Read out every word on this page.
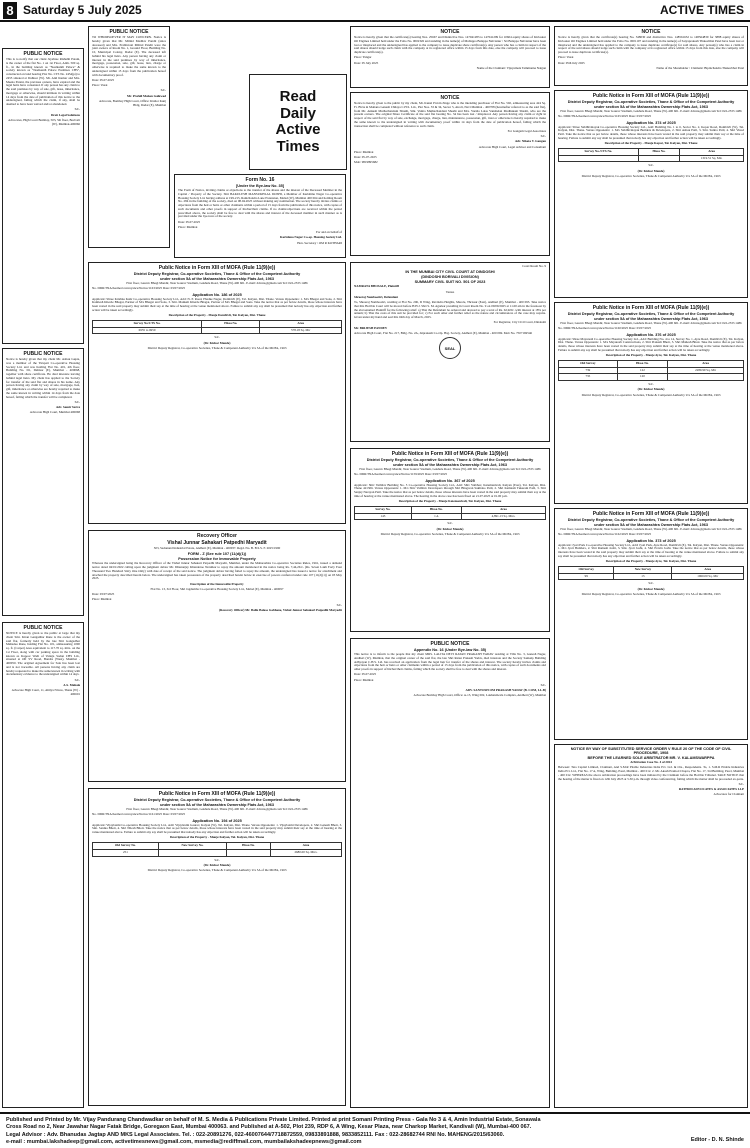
8 Saturday 5 July 2025	ACTIVE TIMES
PUBLIC NOTICE

This is to notify that our client Jayshree Rishabh Patani, is the owner of the flat No. 1 on 1st Floor, Adm. 500 sq. ft., in the building known as "Neelkanth Palace" & society known as "Neelkanth Palace Premises CHS", constructed on land bearing Plot No. CTS No. 2454(pt) to 2455 situated at Dahisar (W). Mr. Anil Kumar and Mrs. Meena Patani, the previous owners, have expired and the legal heirs have consented. If any person has any claim to the said premises by way of sale, gift, lease, inheritance, mortgage or otherwise, should intimate in writing within 14 days from the date of publication of this notice to the undersigned, failing which the claim, if any, shall be deemed to have been waived and/or abandoned.

Sd/-

Droit Legal Solutions

Advocates, High Court Bombay, 503, 5th floor, Borivali (W), Mumbai-400066

PUBLIC NOTICE

Notice is hereby given that my client Mr. Ashok Gupta, was a member of the Tirupati Co-operative Housing Society Ltd. and was holding Flat No. 401, 4th floor, Building No. D1, Dahisar (E), Mumbai - 400068, together with share certificate. He died intestate leaving behind legal heirs. My client has applied to the Society for transfer of the said flat and shares in his name. Any person having any claim by way of sale, mortgage, lien, gift, inheritance or otherwise are hereby required to make the same known in writing within 14 days from the date hereof, failing which the transfer will be completed.

Sd/-

Adv. Samir Surve

Advocate High Court, Mumbai 400068

PUBLIC NOTICE

NOTICE is hereby given to the public at large that my client Smt. Kiran Gangadhar Rane is the owner of the said flat, formerly held by the late Shri Gangadhar Mahadeo Rane, holding Flat No. 101, admeasuring 1000 sq. ft. (Carpet) Area equivalent to 117.70 sq. mtrs. on the 1st Floor, along with car parking space in the building known as Kapoor Wadi of Vaiteja Sadan CHS Ltd., situated at Off SV Road, Bandra (West), Mumbai - 400050. The original Agreement for Sale has been lost and is not traceable. All persons having any claim are hereby requested to make the same known in writing with documentary evidence to the undersigned within 14 days.

Sd/-

A.S. Mahale

Advocate High Court, 11, Ahilya Niwas, Thane (W) - 400601

PUBLIC NOTICE

TO WHOMSOEVER IT MAY CONCERN. Notice is hereby given that Mr. Milind Madhav Pandit (since deceased) and Mrs. Prabhavati Milind Pandit were the joint owners of Room No. 1, Ground Floor, Building No. 10, Municipal Colony, Dadar (E). The deceased left behind his legal heirs. Any person having any claim or interest in the said premises by way of inheritance, mortgage, possession, sale, gift, lease, lien, charge or otherwise is required to make the same known to the undersigned within 15 days from the publication hereof with documentary proof.

Date: 05.07.2025

Place: Vasai

Sd/-

Mr. Prafull Mohan Gaikwad

Advocate, Bombay High Court, Office: Kishor Kunj Bldg, Dadar (E), Mumbai	Read
Daily
Active
Times
Form No. 16
[Under the Bye-law No. 35]

The Form of Notice, inviting claims or objections to the transfer of the shares and the interest of the Deceased Member in the Capital / Property of the Society. Shri BAKULESH MANSUKHLAL DOSHI, a Member of Karishma Nagar Co-operative Housing Society Ltd. having address at 199-215, Ramchandra Lane Extension, Malad (W), Mumbai 400 064 and holding Room No. 284 in the building of the society, died on 08.04.2025 without making any nomination. The society hereby invites claims or objections from the heir or heirs or other claimants within a period of 15 days from the publication of this notice, with copies of such documents and other proofs in support of his/her/their claims. If no claims/objections are received within the period prescribed above, the society shall be free to deal with the shares and interest of the deceased member in such manner as is provided under the bye-laws of the society.

Date: 05.07.2025

Place: Mumbai

For and on behalf of

Karishma Nagar Co-op. Housing Society Ltd.

Hon. Secretary / OM R KOTHARI

Public Notice in Form XIII of MOFA (Rule 11(9)(e))
District Deputy Registrar, Co-operative Societies, Thane & Office of the Competent Authority
under section 5A of the Maharashtra Ownership Flats Act, 1963

First floor, Gaurav Bhagi Mandir, Near Gaurav Stadium, Gokhale Road, Thane (W)-400 601. E-mail: ddr.tna@gmail.com Tel: 022-2533 1486

No. DDR/TNA/deemed conveyance/Notice/1163/2025 Date: 03/07/2025

Application No. 186 of 2025

Applicant: Shree Krishna Kutir Co-operative Housing Society Ltd., Add: N. P. Road, Phadke Nagar, Dombivli (E), Tal. Kalyan, Dist. Thane. Versus Opponents: 1. M/s Bhagat and Sons, 2. Shri Kamlesh Kherde Bhagat, Partner of M/s Bhagat and Sons, 3. Smt. Mankali Kherde Bhagat, Partner of M/s Bhagat and Sons. Take the notice that as per below details, those whose interests have been vested in the said property may submit their say at the time of hearing at the venue mentioned above. Failure to submit any say shall be presumed that nobody has any objection and further action will be taken accordingly.

Description of the Property - Mauje Dombivli, Tal. Kalyan, Dist. Thane

Survey No/CTS No.	Hissa No.	Area
6955 to 6959		578.18 Sq. Mtr

Sd/-

(Dr. Kishor Mande)

District Deputy Registrar, Co-operative Societies, Thane & Competent Authority U/s 5A of the MOFA, 1963

Recovery Officer
Vishal Junnar Sahakari Patpedhi Maryadit

503, Sadanand Industrial Estate, Andheri (E), Mumbai - 400037. Regd. No. B. B.S.S. F. 2025/1990

FORM - Z (See rule 107 (11(d)(1))
Possession Notice for Immovable Property

Whereas the undersigned being the Recovery Officer of the Vishal Junnar Sahakari Patpedhi Maryadit, Mumbai, under the Maharashtra Co-operative Societies Rules, 1961, issued a demand notice dated 04/01/2022 calling upon the judgment debtor Mr. Dhananjay Khanderao Nerulkar to repay the amount mentioned in the notice being Rs. 7,44,261/- (Rs. Seven Lakh Forty Four Thousand Two Hundred Sixty One Only) with date of receipt of the said notice. The judgment debtor having failed to repay the amount, the undersigned has issued a notice for attachment and attached the property described herein below. The undersigned has taken possession of the property described herein below in exercise of powers conferred under rule 107 (11(d)(1)) on 03 May 2025.

Description of the Immovable Property

Flat No. 13, 3rd Floor, Shri Jagdamba Co-operative Housing Society Ltd., Malad (E), Mumbai - 400097

Date: 03/07/2025

Place: Mumbai

Sd/-

(Recovery Officer) Mr. Ballu Balaso Gabhane, Vishal Junnar Sahakari Patpedhi Maryadit

Public Notice in Form XIII of MOFA (Rule 11(9)(e))
District Deputy Registrar, Co-operative Societies, Thane & Office of the Competent Authority
under section 5A of the Maharashtra Ownership Flats Act, 1963

First floor, Gaurav Bhagi Mandir, Near Gaurav Stadium, Gokhale Road, Thane (W)-400 601. E-mail: ddr.tna@gmail.com Tel: 022-2533 1486

No. DDR/TNA/deemed conveyance/Notice/1161/2025 Date: 03/07/2025

Application No. 194 of 2025

Applicant: Vijaylaxmi Co-operative Housing Society Ltd., Add: Vijaylaxmi Gaurav, Kalyan (W), Tal. Kalyan, Dist. Thane. Versus Opponents: 1. Vijaylaxmi Developers, 2. Shri Ganesh Bhoir, 3. Smt. Sanika Bhoir, 4. Shri Nilesh Bhoir. Take the notice that as per below details, those whose interests have been vested in the said property may submit their say at the time of hearing at the venue mentioned above. Failure to submit any say shall be presumed that nobody has any objection and further action will be taken accordingly.

Description of the Property - Mauje Kalyan, Tal. Kalyan, Dist. Thane

Old Survey No.	New Survey No.	Hissa No.	Area
251			2680.00 Sq. Mtrs.

Sd/-

(Dr. Kishor Mande)

District Deputy Registrar, Co-operative Societies, Thane & Competent Authority U/s 5A of the MOFA, 1963

NOTICE

Notice is hereby given that the certificate(s) bearing Nos. 25667 and Distinctive Nos. 147041283 to 147041299 for 10604 equity shares of Kirloskar Oil Engines Limited held under the Folio No. 0002326 and standing in the name(s) of Mallappa Balappa Nalvtanur / Sri Balappa Nalvtanur have been lost or misplaced and the undersigned has applied to the company to issue duplicate share certificate(s). Any person who has a claim in respect of the said shares should lodge such claim with the company at its registered office within 15 days from this date, else the company will proceed to issue duplicate certificate(s).

Place: Yangar

Date: 05 July 2025

Name of the Claimant: Vijayamala Tammanna Nalgan

NOTICE

Notice is hereby given to the public by my client, Mr. Kunal Pravin Zinge who is the intending purchaser of Flat No. 502, admeasuring area 424 Sq. Ft. BUA in Mohana Ganesh Chhaya C.H.S. Ltd., Plot Nos. 33 & 34, Sector 5, Airoli, Navi Mumbai - 400708 (hereinafter referred to as the said flat), from Mr. Ankush Muthachandani Shashi, Smt. Vanita Muthachandani Shashi and Mrs. Varsha Lalas Vanshelan Madhukant Shashi, who are the present owners. The original Share Certificate of the said flat bearing No. 34 has been lost / misplaced. Any person having any claim or right in respect of the said flat by way of sale, exchange, mortgage, charge, lien, maintenance, possession, gift, trust or otherwise is hereby required to make the same known to the undersigned in writing with documentary proof within 14 days from the date of publication hereof, failing which the transaction shall be completed without reference to such claim.

For Gangam Legal Associates

Sd/-

Adv. Niketa V. Gangan

Advocate High Court, Legal Advisor and Consultant

Place: Mumbai

Date: 05-07-2025

Mob: 9819895682

Court Room No. 9

IN THE MUMBAI CITY CIVIL COURT AT DINDOSHI
(DINDOSHI BORIVALI DIVISION)
SUMMARY CIVIL SUIT NO. 501 OF 2023

NAMRATA BHOSALE, Plaintiff

Versus

Shreeraj Nambootiri, Defendant

To, Shreeraj Nambootiri, residing at Flat No. 206, D Wing, Ravindra Heights, Marole, Thrissur (East), Andheri (E), Mumbai - 400 093. Take notice that this Hon'ble Court will be moved before H.H.J. Shri S. M. Agarkar presiding in Court Room No. 9 on 09/09/2025 at 11.00 am in the forenoon by the abovenamed Plaintiff for the following relief: a) That the Defendant be ordered and decreed to pay a total of Rs. 62,920/- with interest at 18% per annum; b) That the costs of this suit be provided for; c) For such other and further relief as the nature and circumstances of the case may require. Given under my hand and seal this 04th day of March, 2025.

For Registrar, City Civil Court, Dindoshi

Mr. BRIJESH PANDEY

Advocate High Court, Flat No. 217, Bldg. No. 2A, Jaiprakash Co-Op. Hsg. Society, Andheri (E), Mumbai - 400 069. Mob No. 7507169546

SEAL

Public Notice in Form XIII of MOFA (Rule 11(9)(e))
District Deputy Registrar, Co-operative Societies, Thane & Office of the Competent Authority
under section 5A of the Maharashtra Ownership Flats Act, 1963

First floor, Gaurav Bhagi Mandir, Near Gaurav Stadium, Gokhale Road, Thane (W)-400 601. E-mail: ddr.tna@gmail.com Tel: 022-2533 1486

No. DDR/TNA/deemed conveyance/Notice/1159/2025 Date: 03/07/2025

Application No. 367 of 2025

Applicant: Shiv Vaibhav Building No. 5 Co-operative Housing Society Ltd., Add: Shiv Vaibhav, Katemanivali, Kalyan (East), Tal. Kalyan, Dist. Thane 421306. Versus Opponents: 1. M/s Shiv Vaibhav Developers through Shri Bhagwan Sukhdeo Patil, 2. Shri Kamlesh Tukaram Patil, 3. Shri Sanjay Narayan Patil. Take the notice that as per below details, those whose interests have been vested in the said property may submit their say at the time of hearing at the venue mentioned above. The hearing in the above case has been fixed on 21.07.2025 at 01.00 p.m.

Description of the Property - Mauje Katemanivali, Tal. Kalyan, Dist. Thane

Survey No.	Hissa No.	Area
143	1 A	4,891.13 Sq. Mtrs.

Sd/-

(Dr. Kishor Mande)

District Deputy Registrar, Co-operative Societies, Thane & Competent Authority U/s 5A of the MOFA, 1963

PUBLIC NOTICE
Appendix No. 16 (Under Bye-law No. 35)

This notice is to inform to the people that my client MRS. LALITA DEVI RATAN PRAKASH YADAV residing at Villa No. 3, Ganesh Nagar, Andheri (W), Mumbai, that the original owner of the said flat, the late Shri Ratan Prakash Yadav, died intestate and the Society Sankalp Building Adhyayan C.H.S. Ltd. has received an application from the legal heir for transfer of the shares and interest. The society hereby invites claims and objections from the heir or heirs or other claimants within a period of 15 days from the publication of this notice, with copies of such documents and other proofs in support of his/her/their claims, failing which the society shall be free to deal with the shares and interest.

Date: 05.07.2025

Place: Mumbai

Sd/-

ADV. SANTOSH OM PRAKASH YADAV (B. COM, LL.B)

Advocate Bombay High Court, Office: A-13, Wing 002, Lokhandwala Complex, Andheri (W), Mumbai

NOTICE

Notice is hereby given that the certificate(s) bearing No. 348030 and distinctive Nos. 148561632 to 148564839 for 3888 equity shares of Kirloskar Oil Engines Limited held under the Folio No. 0001107 and standing in the name(s) of Satyaprakash Thakorbhai Patel have been lost or misplaced and the undersigned has applied to the company to issue duplicate certificate(s) for said shares. Any person(s) who has a claim in respect of the said shares should lodge such claim with the company at its registered office within 15 days from this date, else the company will proceed to issue duplicate certificate(s).

Place: Vasai

Date: 05th July 2025

Name of the Shareholder / Claimant: Bipinchandra Thakorbhai Patel

Public Notice in Form XIII of MOFA (Rule 11(9)(e))
District Deputy Registrar, Co-operative Societies, Thane & Office of the Competent Authority
under section 5A of the Maharashtra Ownership Flats Act, 1963

First floor, Gaurav Bhagi Mandir, Near Gaurav Stadium, Gokhale Road, Thane (W)-400 601. E-mail: ddr.tna@gmail.com Tel: 022-2533 1486

No. DDR/TNA/deemed conveyance/Notice/1165/2025 Date: 03/07/2025

Application No. 374 of 2025

Applicant: Shree Siddhivinayak Co-operative Housing Society Ltd., Add: Building No. 1 to 6, Sector No. 2, Kopar Road, Dombivli (W), Tal. Kalyan, Dist. Thane. Versus Opponents: 1. M/s Siddhivinayak Builders & Developers, 2. Shri Ashok Patil, 3. Smt. Sunita Patil, 4. Shri Vinod Patil. Take the notice that as per below details, those whose interests have been vested in the said property may submit their say at the time of hearing. Failure to submit any say shall be presumed that nobody has any objection and further action will be taken accordingly.

Description of the Property - Mauje Kopar, Tal. Kalyan, Dist. Thane

Survey No./CTS No.	Hissa No.	Area
		1319.51 Sq. Mtr.

Sd/-

(Dr. Kishor Mande)

District Deputy Registrar, Co-operative Societies, Thane & Competent Authority U/s 5A of the MOFA, 1963

Public Notice in Form XIII of MOFA (Rule 11(9)(e))
District Deputy Registrar, Co-operative Societies, Thane & Office of the Competent Authority
under section 5A of the Maharashtra Ownership Flats Act, 1963

First floor, Gaurav Bhagi Mandir, Near Gaurav Stadium, Gokhale Road, Thane (W)-400 601. E-mail: ddr.tna@gmail.com Tel: 022-2533 1486

No. DDR/TNA/deemed conveyance/Notice/1160/2025 Date: 03/07/2025

Application No. 376 of 2025

Applicant: Shree Mayuresh Co-operative Housing Society Ltd., Add: Building No. 4 to 14, Survey No. 1, Ayre Road, Dombivli (E), Tal. Kalyan, Dist. Thane. Versus Opponents: 1. M/s Mayuresh Constructions, 2. Shri Prakash Bhoir, 3. Shri Mahesh Bhoir. Take the notice that as per below details, those whose interests have been vested in the said property may submit their say at the time of hearing at the venue mentioned above. Failure to submit any say shall be presumed that nobody has any objection and further action will be taken accordingly.

Description of the Property - Mauje Ayre, Tal. Kalyan, Dist. Thane

Old Survey	Hissa No.	Area
739	122	2289.99 Sq. Mtr
735	120	

Sd/-

(Dr. Kishor Mande)

District Deputy Registrar, Co-operative Societies, Thane & Competent Authority U/s 5A of the MOFA, 1963

Public Notice in Form XIII of MOFA (Rule 11(9)(e))
District Deputy Registrar, Co-operative Societies, Thane & Office of the Competent Authority
under section 5A of the Maharashtra Ownership Flats Act, 1963

First floor, Gaurav Bhagi Mandir, Near Gaurav Stadium, Gokhale Road, Thane (W)-400 601. E-mail: ddr.tna@gmail.com Tel: 022-2533 1486

No. DDR/TNA/deemed conveyance/Notice/1162/2025 Date: 03/07/2025

Application No. 373 of 2025

Applicant: Jyoti Park Co-operative Housing Society Ltd., Add: Jyoti Park, Ayre Road, Dombivli (E), Tal. Kalyan, Dist. Thane. Versus Opponents: 1. M/s Jyoti Builders, 2. Shri Ramesh Joshi, 3. Smt. Jyoti Joshi, 4. Shri Pravin Joshi. Take the notice that as per below details, those whose interests have been vested in the said property may submit their say at the time of hearing at the venue mentioned above. Failure to submit any say shall be presumed that nobody has any objection and further action will be taken accordingly.

Description of the Property - Mauje Ayre, Tal. Kalyan, Dist. Thane

Old Survey	New Survey	Area
99	13	1960.00 Sq. Mtr

Sd/-

(Dr. Kishor Mande)

District Deputy Registrar, Co-operative Societies, Thane & Competent Authority U/s 5A of the MOFA, 1963

NOTICE BY WAY OF SUBSTITUTED SERVICE ORDER V RULE 20 OF THE CODE OF CIVIL PROCEDURE, 1908
BEFORE THE LEARNED SOLE ARBITRATOR MR. V. KALAMSWARPPA

Arbitration Case No. 4 of 2024

Between: Tata Capital Limited, Claimant, And S.M.R Pitable Industries India Pvt. Ltd. & Ors., Respondents. To, 1. S.M.R Pitable Industries India Pvt. Ltd., Flat No. 17 A, Wing, Building, Parel, Mumbai - 400 012. 2. Mr. Akash Pramod Chopra, Flat No. 17, 3rd Building, Parel, Mumbai - 400 012. WHEREAS the above Arbitration proceedings have been initiated by the Claimant before the Hon'ble Tribunal. TAKE NOTICE that the hearing of the matter is fixed on 12th July 2025 at 5.30 p.m. through video conferencing, failing which the matter shall be proceeded ex-parte.

Sd/-

RATHOD ADVOCATES & ASSOCIATES LLP

Advocates for Claimant

Published and Printed by Mr. Vijay Pandurang Chandwadkar on behalf of M. S. Media & Publications Private Limited. Printed at print Somani Printing Press - Gala No 3 & 4, Amin Industrial Estate, Sonawala
Cross Road no 2, Near Jawahar Nagar Fatak Bridge, Goregaon East, Mumbai 400063. and Published at A-502, Plot 239, RDP 6, A Wing, Kesar Plaza, near Charkop Market, Kandivali (W), Mumbai-400 067.
Legal Advisor : Adv. Bhanudas Jagtap AND MKS Legal Associates. Tel. : 022-20891276, 022-46007644/7718872559, 09833891888, 9833852111. Fax : 022-28682744 RNI No. MAHENG/2015/63060.
e-mail : mumbai.lakshadeep@gmail.com, activetimesnews@gmail.com, msmedia@rediffmail.com, mumbailakshadeepnews@gmail.com	Editor - D. N. Shinde
